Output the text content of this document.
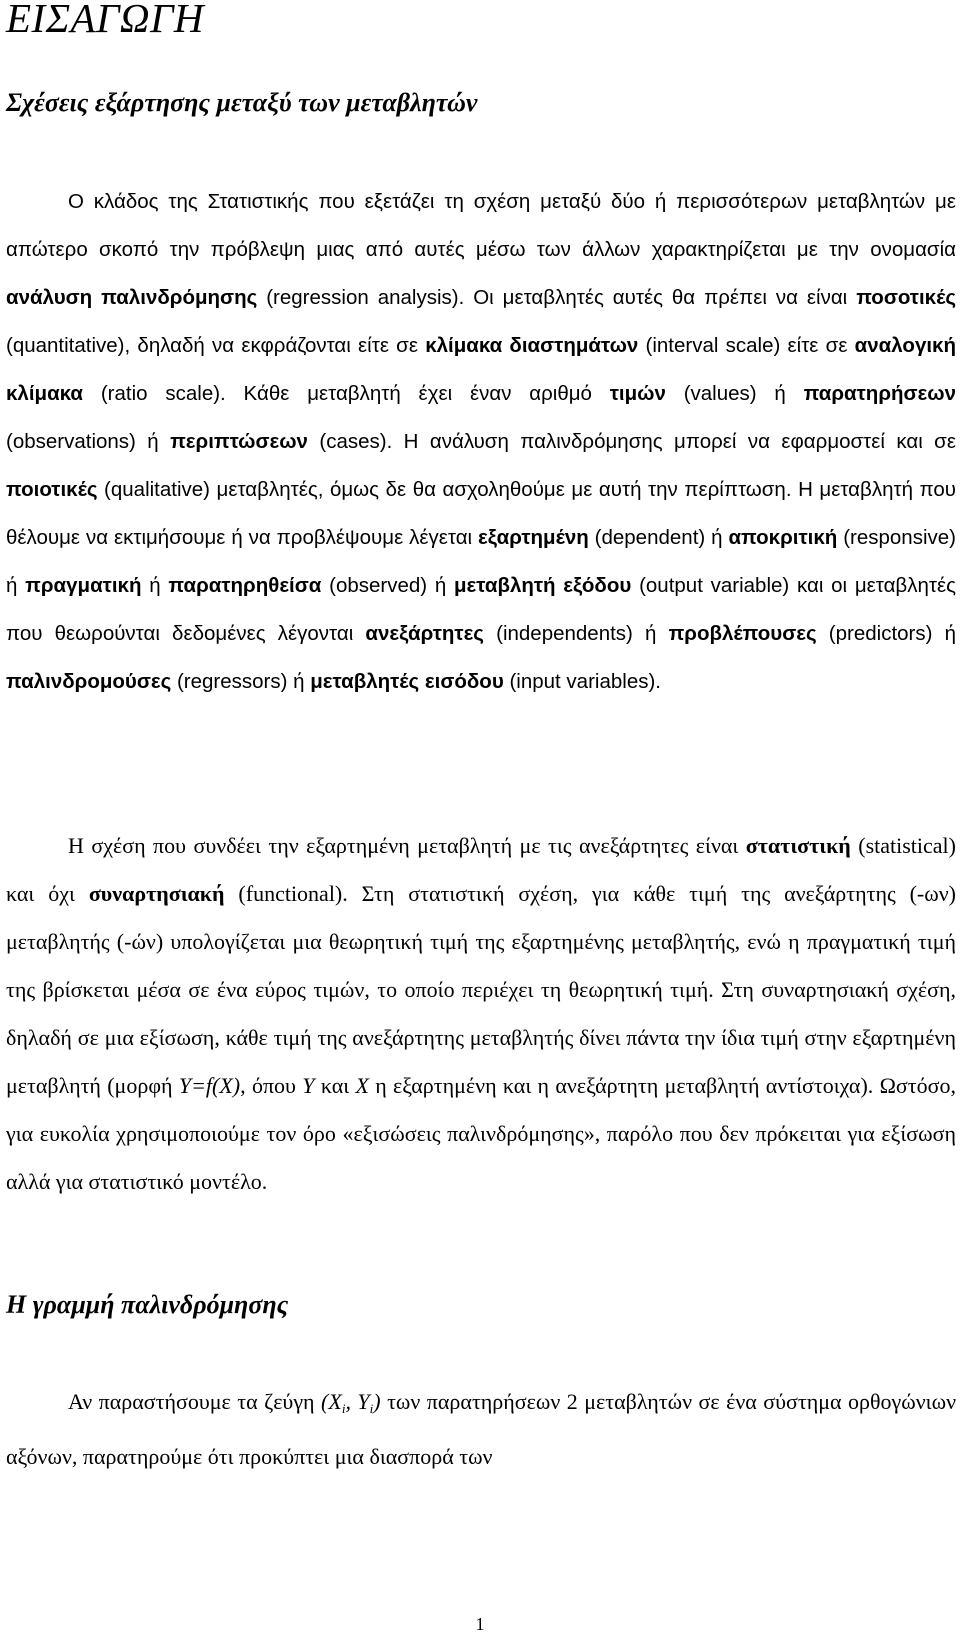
ΕΙΣΑΓΩΓΗ
Σχέσεις εξάρτησης μεταξύ των μεταβλητών

Ο κλάδος της Στατιστικής που εξετάζει τη σχέση μεταξύ δύο ή περισσότερων μεταβλητών με απώτερο σκοπό την πρόβλεψη μιας από αυτές μέσω των άλλων χαρακτηρίζεται με την ονομασία ανάλυση παλινδρόμησης (regression analysis). Οι μεταβλητές αυτές θα πρέπει να είναι ποσοτικές (quantitative), δηλαδή να εκφράζονται είτε σε κλίμακα διαστημάτων (interval scale) είτε σε αναλογική κλίμακα (ratio scale). Κάθε μεταβλητή έχει έναν αριθμό τιμών (values) ή παρατηρήσεων (observations) ή περιπτώσεων (cases). Η ανάλυση παλινδρόμησης μπορεί να εφαρμοστεί και σε ποιοτικές (qualitative) μεταβλητές, όμως δε θα ασχοληθούμε με αυτή την περίπτωση. Η μεταβλητή που θέλουμε να εκτιμήσουμε ή να προβλέψουμε λέγεται εξαρτημένη (dependent) ή αποκριτική (responsive) ή πραγματική ή παρατηρηθείσα (observed) ή μεταβλητή εξόδου (output variable) και οι μεταβλητές που θεωρούνται δεδομένες λέγονται ανεξάρτητες (independents) ή προβλέπουσες (predictors) ή παλινδρομούσες (regressors) ή μεταβλητές εισόδου (input variables).

Η σχέση που συνδέει την εξαρτημένη μεταβλητή με τις ανεξάρτητες είναι στατιστική (statistical) και όχι συναρτησιακή (functional). Στη στατιστική σχέση, για κάθε τιμή της ανεξάρτητης (-ων) μεταβλητής (-ών) υπολογίζεται μια θεωρητική τιμή της εξαρτημένης μεταβλητής, ενώ η πραγματική τιμή της βρίσκεται μέσα σε ένα εύρος τιμών, το οποίο περιέχει τη θεωρητική τιμή. Στη συναρτησιακή σχέση, δηλαδή σε μια εξίσωση, κάθε τιμή της ανεξάρτητης μεταβλητής δίνει πάντα την ίδια τιμή στην εξαρτημένη μεταβλητή (μορφή Y=f(X), όπου Y και X η εξαρτημένη και η ανεξάρτητη μεταβλητή αντίστοιχα). Ωστόσο, για ευκολία χρησιμοποιούμε τον όρο «εξισώσεις παλινδρόμησης», παρόλο που δεν πρόκειται για εξίσωση αλλά για στατιστικό μοντέλο.

Η γραμμή παλινδρόμησης

Αν παραστήσουμε τα ζεύγη ($X_i$, $Y_i$) των παρατηρήσεων 2 μεταβλητών σε ένα σύστημα ορθογώνιων αξόνων, παρατηρούμε ότι προκύπτει μια διασπορά των

1
